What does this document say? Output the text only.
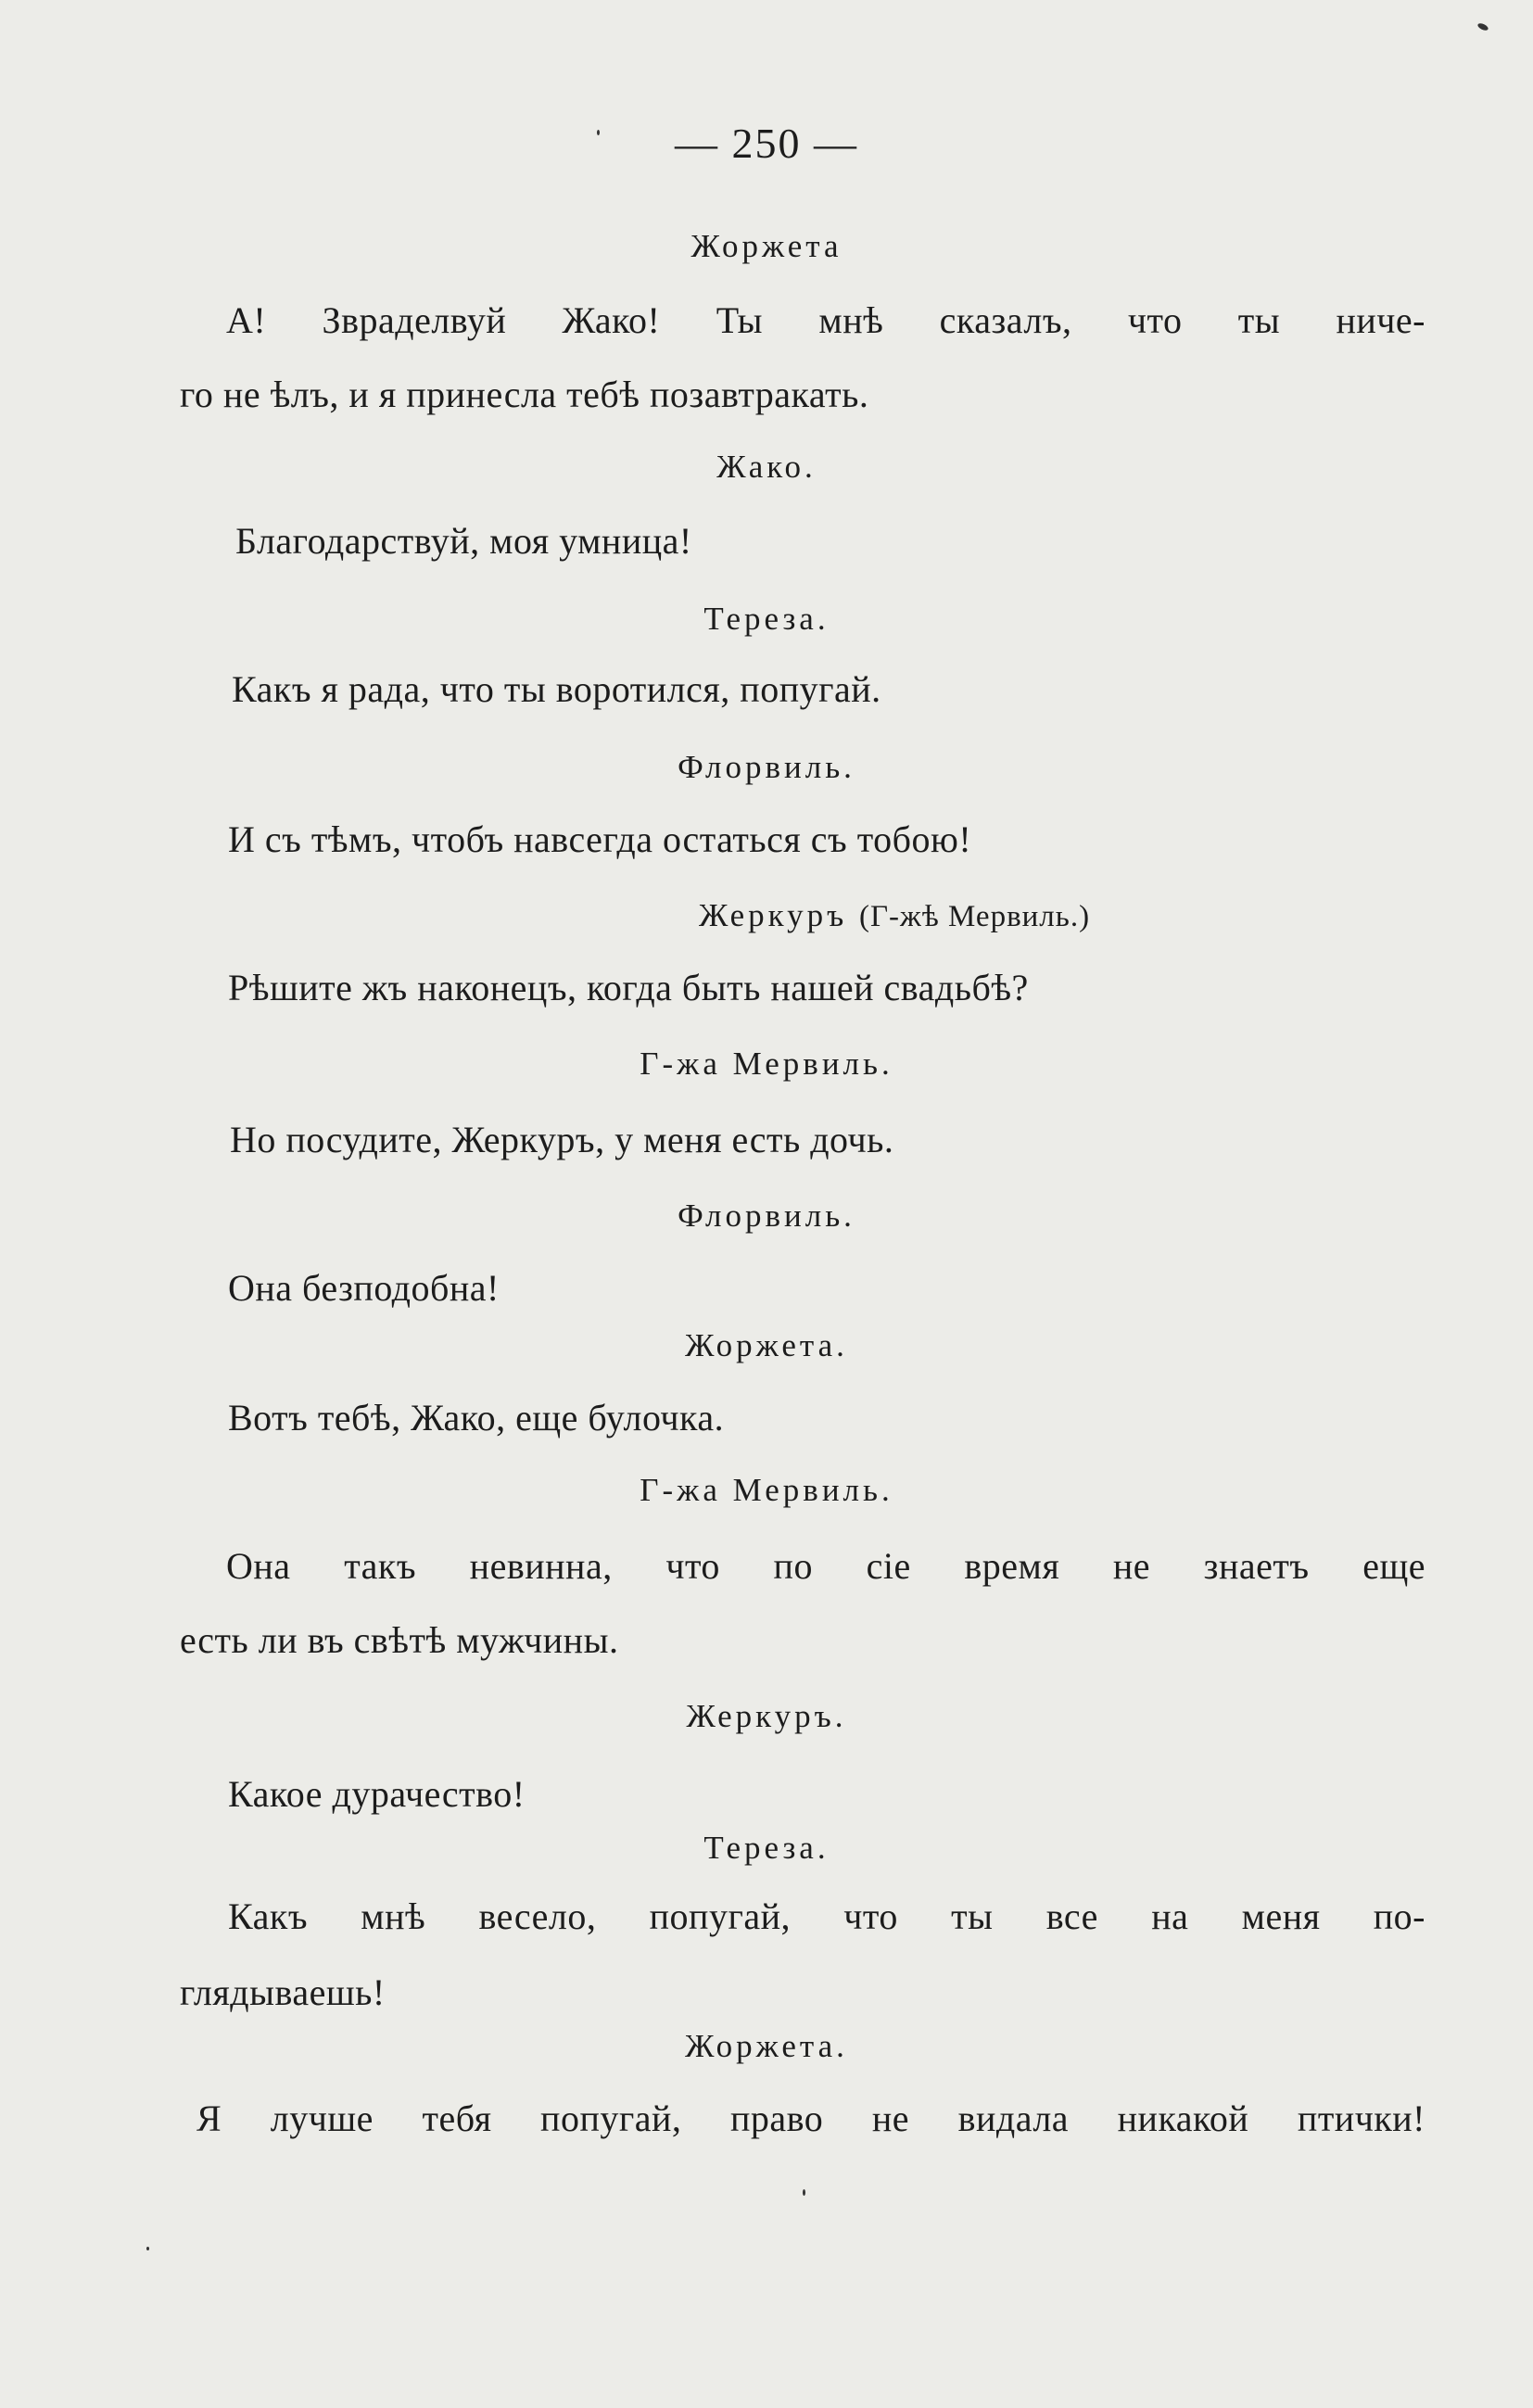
— 250 —
Жоржета
А! Звраделвуй Жако! Ты мнѣ сказалъ, что ты ниче-
го не ѣлъ, и я принесла тебѣ позавтракать.
Жако.
Благодарствуй, моя умница!
Тереза.
Какъ я рада, что ты воротился, попугай.
Флорвиль.
И съ тѣмъ, чтобъ навсегда остаться съ тобою!
Жеркуръ (Г-жѣ Мервиль.)
Рѣшите жъ наконецъ, когда быть нашей свадьбѣ?
Г-жа Мервиль.
Но посудите, Жеркуръ, у меня есть дочь.
Флорвиль.
Она безподобна!
Жоржета.
Вотъ тебѣ, Жако, еще булочка.
Г-жа Мервиль.
Она такъ невинна, что по сіе время не знаетъ еще
есть ли въ свѣтѣ мужчины.
Жеркуръ.
Какое дурачество!
Тереза.
Какъ мнѣ весело, попугай, что ты все на меня по-
глядываешь!
Жоржета.
Я лучше тебя попугай, право не видала никакой птички!
